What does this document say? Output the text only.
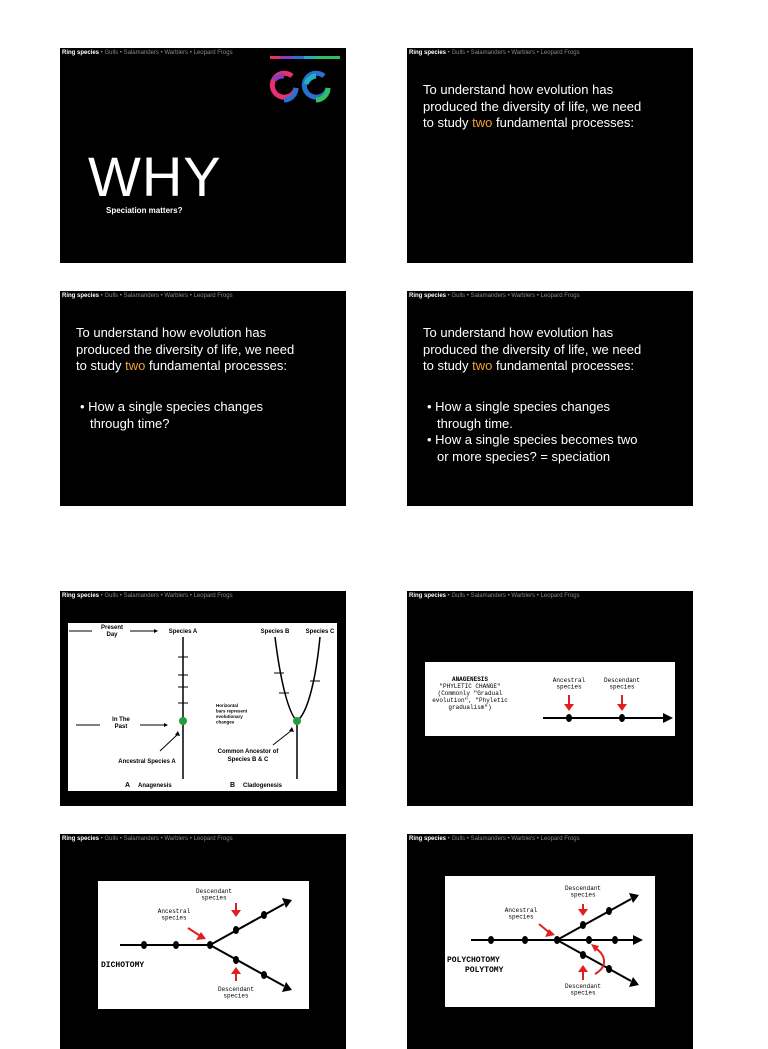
Ring species • Gulls • Salamanders • Warblers • Leopard Frogs
WHY
Speciation matters?
Ring species • Gulls • Salamanders • Warblers • Leopard Frogs
To understand how evolution has
produced the diversity of life, we need
to study two fundamental processes:
Ring species • Gulls • Salamanders • Warblers • Leopard Frogs
To understand how evolution has
produced the diversity of life, we need
to study two fundamental processes:
• How a single species changes
through time?
Ring species • Gulls • Salamanders • Warblers • Leopard Frogs
To understand how evolution has
produced the diversity of life, we need
to study two fundamental processes:
• How a single species changes
through time.
• How a single species becomes two
or more species? = speciation
Ring species • Gulls • Salamanders • Warblers • Leopard Frogs
Present Day	Species A	Species B	Species C
In The Past
Horizontal bars represent evolutionary changes
Ancestral Species A
Common Ancestor of Species B & C
A Anagenesis	B Cladogenesis
Ring species • Gulls • Salamanders • Warblers • Leopard Frogs
ANAGENESIS
"PHYLETIC CHANGE"
(Commonly "Gradual
evolution", "Phyletic
gradualism")
Ancestral species
Descendant species
Ring species • Gulls • Salamanders • Warblers • Leopard Frogs
Descendant species
Ancestral species
DICHOTOMY
Descendant species
Ring species • Gulls • Salamanders • Warblers • Leopard Frogs
Descendant species
Ancestral species
POLYCHOTOMY
POLYTOMY
Descendant species
